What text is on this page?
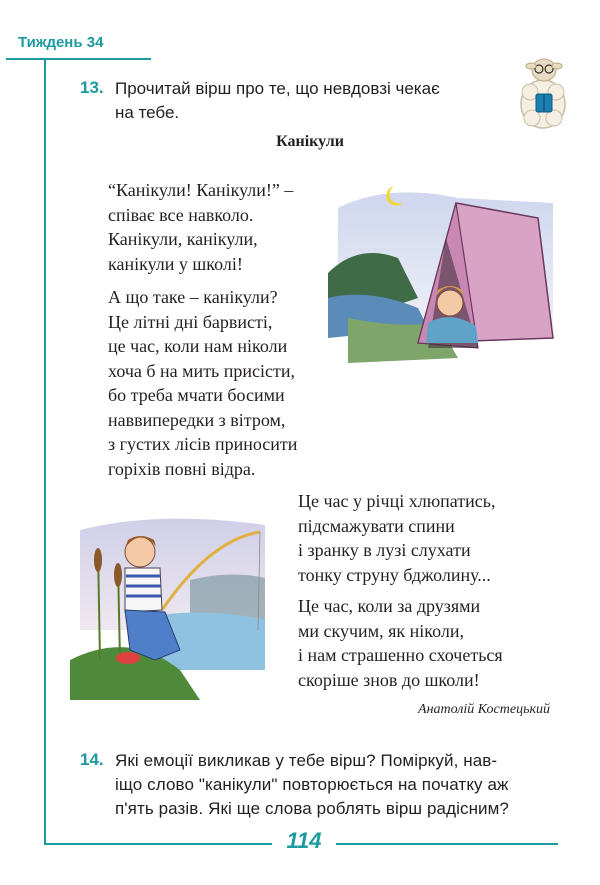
Тиждень 34
13. Прочитай вірш про те, що невдовзі чекає
на тебе.
Канікули
“Канікули! Канікули!” –
співає все навколо.
Канікули, канікули,
канікули у школі!
А що таке – канікули?
Це літні дні барвисті,
це час, коли нам ніколи
хоча б на мить присісти,
бо треба мчати босими
наввипередки з вітром,
з густих лісів приносити
горіхів повні відра.
Це час у річці хлюпатись,
підсмажувати спини
і зранку в лузі слухати
тонку струну бджолину...
Це час, коли за друзями
ми скучим, як ніколи,
і нам страшенно схочеться
скоріше знов до школи!
Анатолій Костецький
14. Які емоції викликав у тебе вірш? Поміркуй, нав-
іщо слово "канікули" повторюється на початку аж
п'ять разів. Які ще слова роблять вірш радісним?
114
